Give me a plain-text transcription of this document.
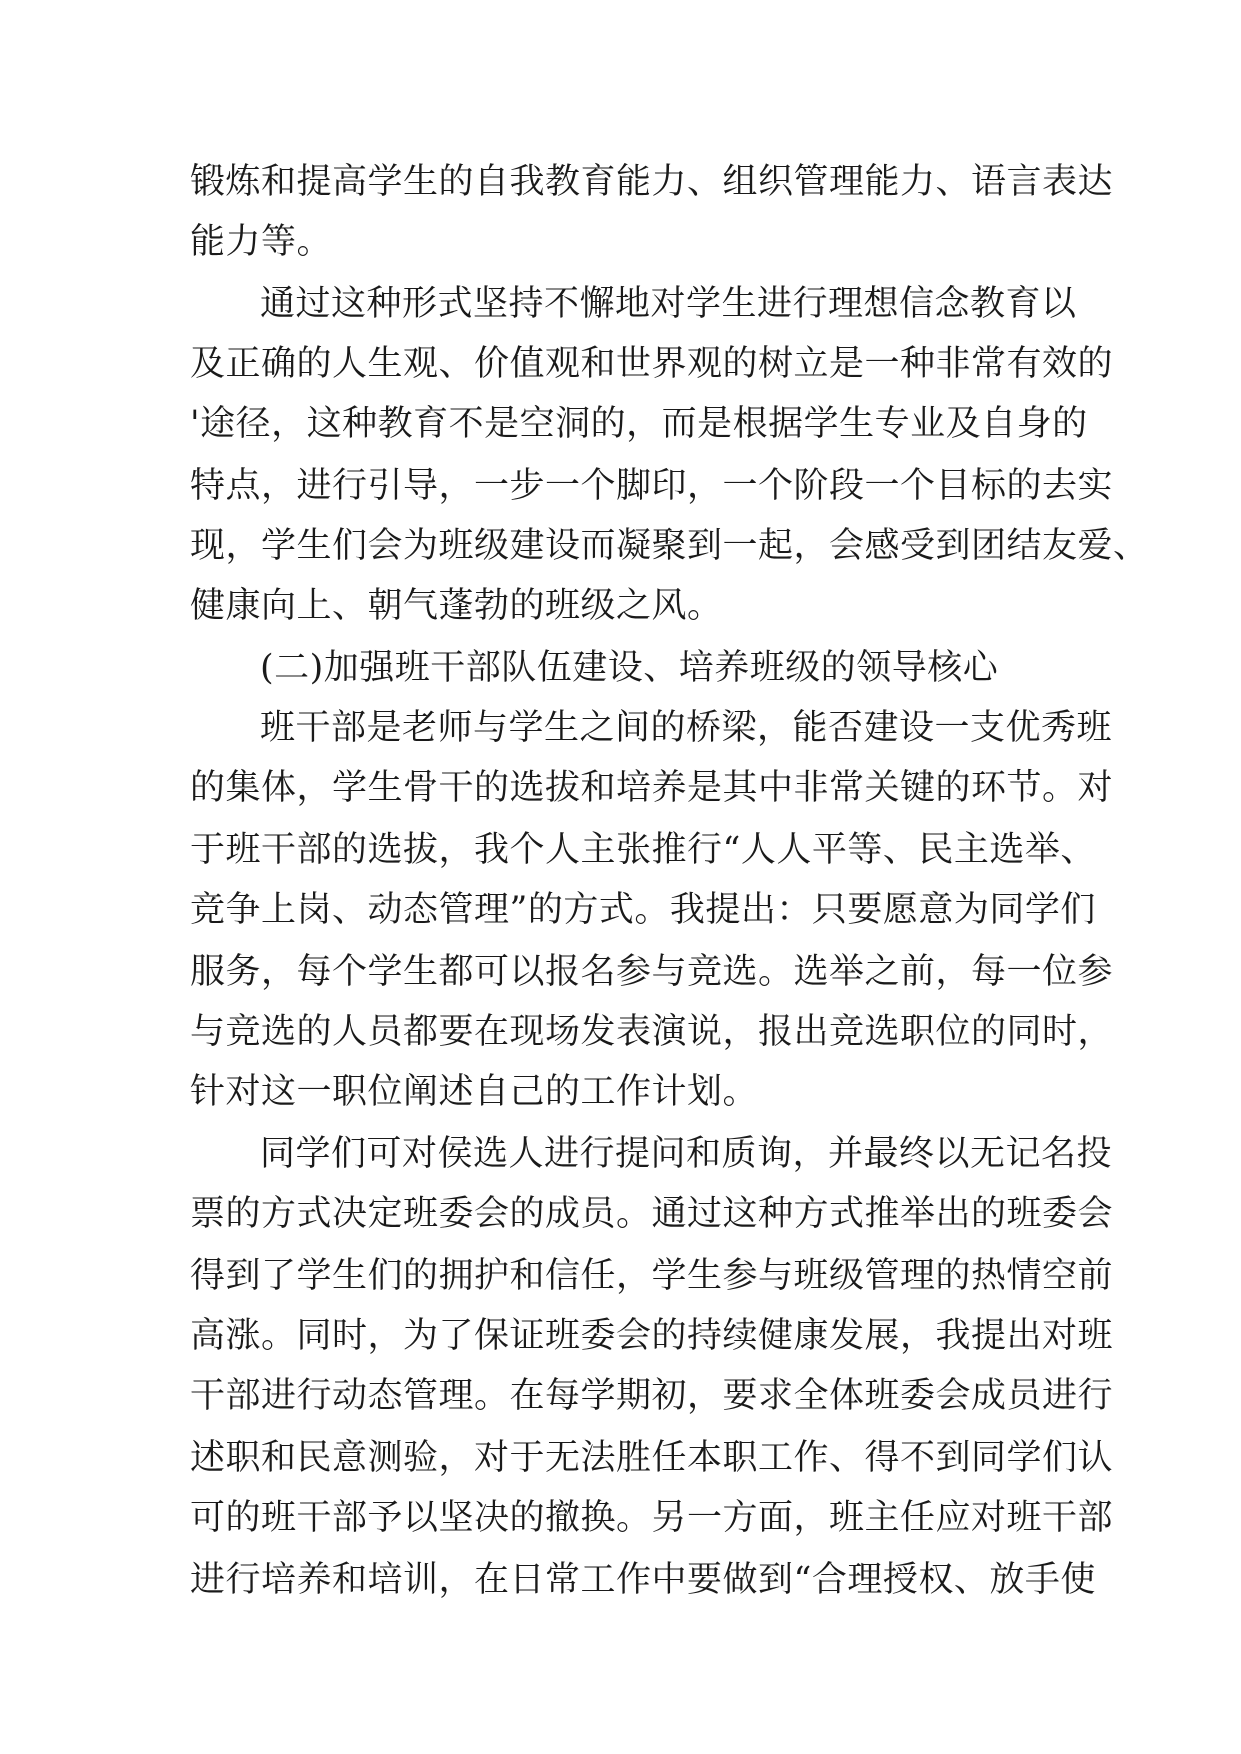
锻炼和提高学生的自我教育能力、组织管理能力、语言表达
能力等。
通过这种形式坚持不懈地对学生进行理想信念教育以
及正确的人生观、价值观和世界观的树立是一种非常有效的
'途径，这种教育不是空洞的，而是根据学生专业及自身的
特点，进行引导，一步一个脚印，一个阶段一个目标的去实
现，学生们会为班级建设而凝聚到一起，会感受到团结友爱、
健康向上、朝气蓬勃的班级之风。
(二)加强班干部队伍建设、培养班级的领导核心
班干部是老师与学生之间的桥梁，能否建设一支优秀班
的集体，学生骨干的选拔和培养是其中非常关键的环节。对
于班干部的选拔，我个人主张推行“人人平等、民主选举、
竞争上岗、动态管理”的方式。我提出：只要愿意为同学们
服务，每个学生都可以报名参与竞选。选举之前，每一位参
与竞选的人员都要在现场发表演说，报出竞选职位的同时，
针对这一职位阐述自己的工作计划。
同学们可对侯选人进行提问和质询，并最终以无记名投
票的方式决定班委会的成员。通过这种方式推举出的班委会
得到了学生们的拥护和信任，学生参与班级管理的热情空前
高涨。同时，为了保证班委会的持续健康发展，我提出对班
干部进行动态管理。在每学期初，要求全体班委会成员进行
述职和民意测验，对于无法胜任本职工作、得不到同学们认
可的班干部予以坚决的撤换。另一方面，班主任应对班干部
进行培养和培训，在日常工作中要做到“合理授权、放手使
